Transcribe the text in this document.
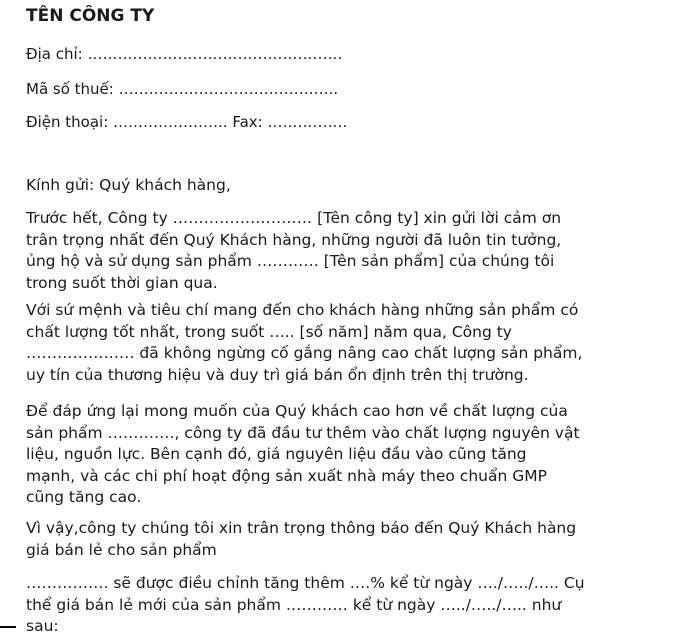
TÊN CÔNG TY

Địa chỉ: ……………………………………………

Mã số thuế: ……………………………………..

Điện thoại: ………………….. Fax: …………….

Kính gửi: Quý khách hàng,

Trước hết, Công ty ……………………… [Tên công ty] xin gửi lời cảm ơn
trân trọng nhất đến Quý Khách hàng, những người đã luôn tin tưởng,
ủng hộ và sử dụng sản phẩm ………… [Tên sản phẩm] của chúng tôi
trong suốt thời gian qua.

Với sứ mệnh và tiêu chí mang đến cho khách hàng những sản phẩm có
chất lượng tốt nhất, trong suốt ….. [số năm] năm qua, Công ty
………………… đã không ngừng cố gắng nâng cao chất lượng sản phẩm,
uy tín của thương hiệu và duy trì giá bán ổn định trên thị trường.

Để đáp ứng lại mong muốn của Quý khách cao hơn về chất lượng của
sản phẩm …………., công ty đã đầu tư thêm vào chất lượng nguyên vật
liệu, nguồn lực. Bên cạnh đó, giá nguyên liệu đầu vào cũng tăng
mạnh, và các chi phí hoạt động sản xuất nhà máy theo chuẩn GMP
cũng tăng cao.

Vì vậy,công ty chúng tôi xin trân trọng thông báo đến Quý Khách hàng
giá bán lẻ cho sản phẩm

……………. sẽ được điều chỉnh tăng thêm ….% kể từ ngày …./…../….. Cụ
thể giá bán lẻ mới của sản phẩm ………… kể từ ngày …../…../….. như
sau:
